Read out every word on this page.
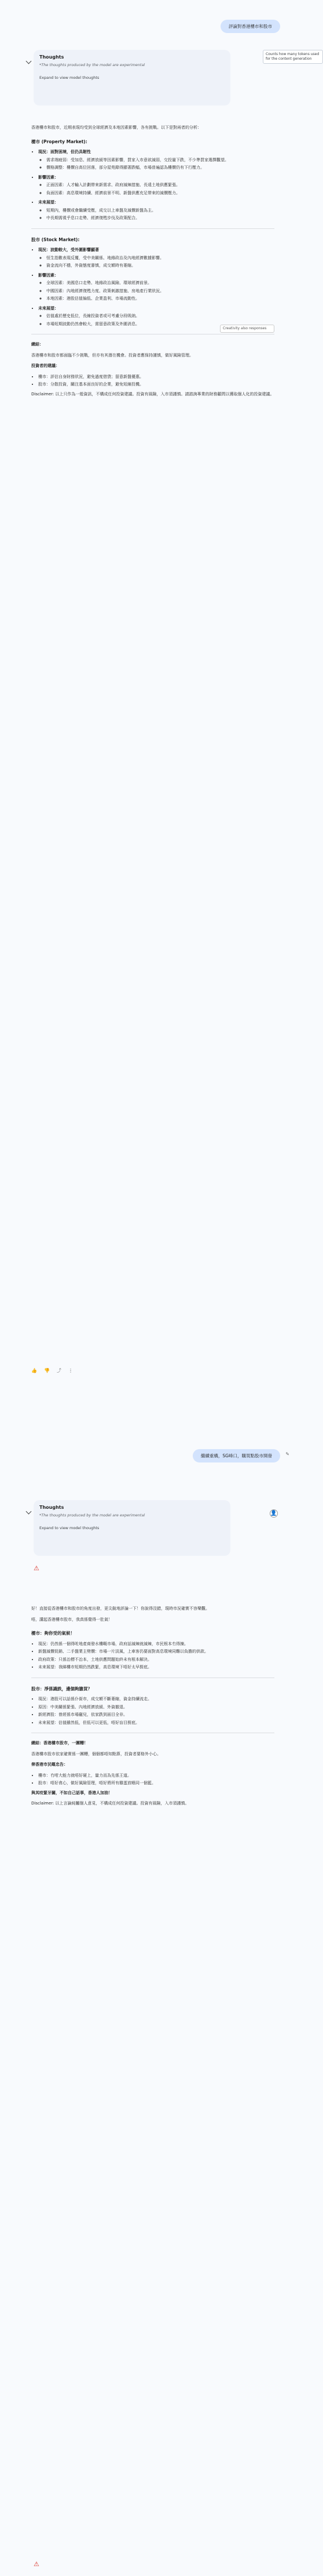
評論對香港樓市和股市
Thoughts
*The thoughts produced by the model are experimental
Expand to view model thoughts
Counts how many tokens used for the content generation

香港樓市和股市，近期表現均受到全球經濟及本地因素影響，各有挑戰。以下是對兩者的分析：

樓市 (Property Market):
• 現況：面對困境，但仍具韌性
◦ 需求端疲弱：受加息、經濟放緩等因素影響，買家入市意欲減弱，交投量下跌，不少準買家選擇觀望。
◦ 價格調整：樓價自高位回落，部分屋苑錄得顯著跌幅，市場普遍認為樓價仍有下行壓力。
• 影響因素：
◦ 正面因素：人才輸入計劃帶來新需求、政府減辣措施、長遠土地供應緊張。
◦ 負面因素：高息環境持續、經濟前景不明、新盤供應充足帶來的減價壓力。
• 未來展望：
◦ 短期內，樓價或會繼續受壓，成交以上車盤及減價新盤為主。
◦ 中長期需視乎息口走勢、經濟復甦步伐及政策配合。
股市 (Stock Market):
• 現況：波動較大，受外圍影響顯著
◦ 恒生指數表現反覆，受中美關係、地緣政治及內地經濟數據影響。
◦ 資金流向不穩，外資態度審慎，成交額時有萎縮。
• 影響因素：
◦ 全球因素：美國息口走勢、地緣政治風險、環球經濟前景。
◦ 中國因素：內地經濟復甦力度、政策刺激措施、房地產行業狀況。
◦ 本地因素：港股估值偏低、企業盈利、市場流動性。
• 未來展望：
◦ 估值處於歷史低位，長線投資者或可考慮分段吸納。
◦ 市場短期波動仍然會較大，需留意政策及外圍消息。

總結：

香港樓市和股市都面臨不少挑戰，但亦有其潛在機會。投資者應保持謹慎，做好風險管理。

投資者的建議：

• 樓市：評估自身財務狀況，避免過度借貸；留意新盤優惠。
• 股市：分散投資，關注基本面良好的企業，避免短線投機。

Disclaimer: 以上只作為一般資訊，不構成任何投資建議。投資有風險，入市須謹慎。請諮詢專業的財務顧問以獲取個人化的投資建議。

Creativity also responses
👍 👎 ⤴ ⋮
繼續重構，SG峰口，購買點股市開發	✎
Thoughts
*The thoughts produced by the model are experimental
Expand to view model thoughts
👤
⚠

好！直接從香港樓市和股市的角度出發，更尖銳地評論一下！你說得沒錯，現時市況確實不容樂觀。

唔，講起香港樓市股市，我真係覺得一肚氣！

樓市：夠你受的氣候！
• 現況：仍然係一個得咗地產商發水樓嘅市場，政府話減辣就減辣，市民根本冇得揀。
• 新盤減價促銷、二手盤業主劈價：市場一片淡風，上車客仍要面對高息環境同難以負擔的供款。
• 政府政策：只係治標不治本，土地供應問題始終未有根本解決。
• 未來展望：我睇樓市短期仍然跌緊，高息環境下唔好太早撈底。
股市：淨係識跌，邊個夠膽買？
• 現況：港股可以話係仆街市，成交額不斷萎縮，資金持續流走。
• 原因：中美關係緊張、內地經濟放緩、外資撤退。
• 新經濟股：曾經係市場寵兒，依家跌到面目全非。
• 未來展望：估值雖然低，但低可以更低，唔好盲目撈底。

總結：香港樓市股市，一團糟！

香港樓市股市依家確實係一團糟，個個都唔知點算，投資者要格外小心。

俾香港市民嘅忠告：

• 樓市：冇咁大能力就唔好硬上，量力而為先係王道。
• 股市：唔好貪心，做好風險管理，唔好將所有雞蛋放喺同一個籃。

與其咬緊牙關，不如自己話事，香港人加油！

Disclaimer: 以上言論純屬個人意見，不構成任何投資建議。投資有風險，入市須謹慎。

⚠
